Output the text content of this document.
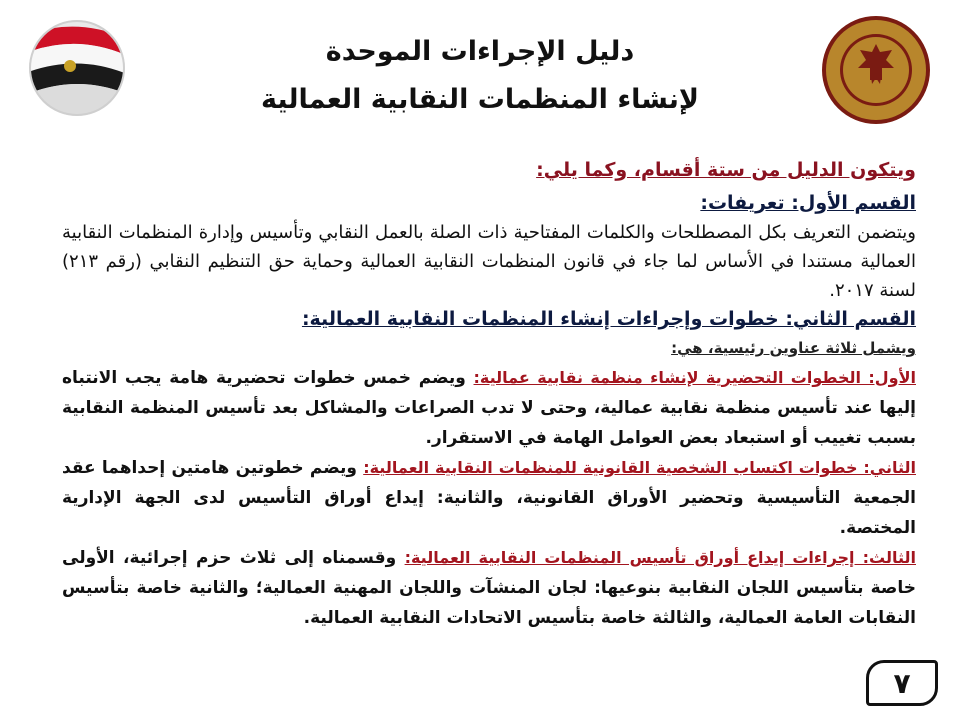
دليل الإجراءات الموحدة
لإنشاء المنظمات النقابية العمالية

ويتكون الدليل من ستة أقسام، وكما يلي:

القسم الأول: تعريفات:

ويتضمن التعريف بكل المصطلحات والكلمات المفتاحية ذات الصلة بالعمل النقابي وتأسيس وإدارة المنظمات النقابية العمالية مستندا في الأساس لما جاء في قانون المنظمات النقابية العمالية وحماية حق التنظيم النقابي (رقم ٢١٣) لسنة ٢٠١٧.

القسم الثاني: خطوات وإجراءات إنشاء المنظمات النقابية العمالية:

ويشمل ثلاثة عناوين رئيسية، هي:

الأول: الخطوات التحضيرية لإنشاء منظمة نقابية عمالية: ويضم خمس خطوات تحضيرية هامة يجب الانتباه إليها عند تأسيس منظمة نقابية عمالية، وحتى لا تدب الصراعات والمشاكل بعد تأسيس المنظمة النقابية بسبب تغييب أو استبعاد بعض العوامل الهامة في الاستقرار.

الثاني: خطوات اكتساب الشخصية القانونية للمنظمات النقابية العمالية: ويضم خطوتين هامتين إحداهما عقد الجمعية التأسيسية وتحضير الأوراق القانونية، والثانية: إيداع أوراق التأسيس لدى الجهة الإدارية المختصة.

الثالث: إجراءات إيداع أوراق تأسيس المنظمات النقابية العمالية: وقسمناه إلى ثلاث حزم إجرائية، الأولى خاصة بتأسيس اللجان النقابية بنوعيها: لجان المنشآت واللجان المهنية العمالية؛ والثانية خاصة بتأسيس النقابات العامة العمالية، والثالثة خاصة بتأسيس الاتحادات النقابية العمالية.

٧
